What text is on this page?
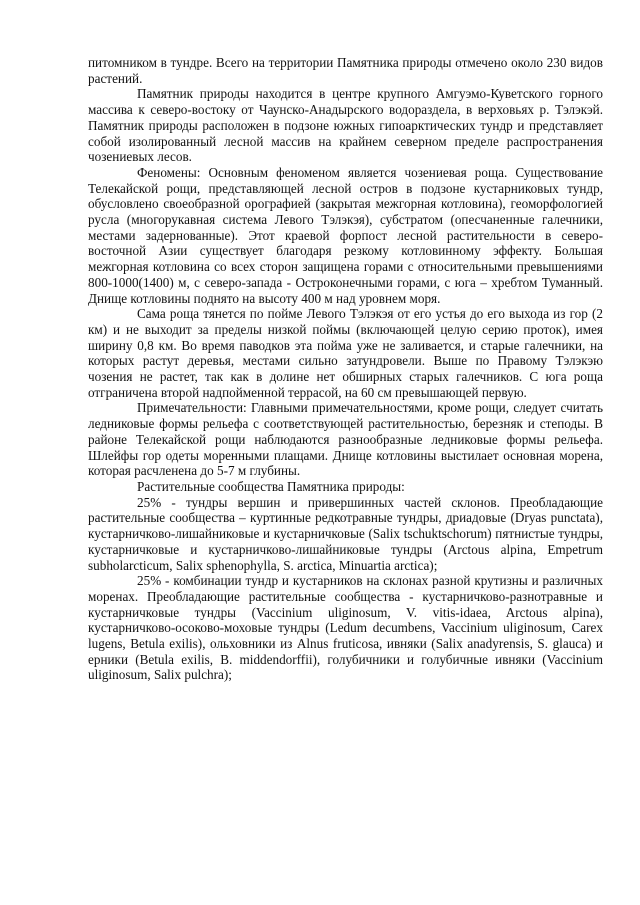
питомником в тундре. Всего на территории Памятника природы отмечено около 230 видов растений.

Памятник природы находится в центре крупного Амгуэмо-Куветского горного массива к северо-востоку от Чаунско-Анадырского водораздела, в верховьях р. Тэлэкэй. Памятник природы расположен в подзоне южных гипоарктических тундр и представляет собой изолированный лесной массив на крайнем северном пределе распространения чозениевых лесов.

Феномены: Основным феноменом является чозениевая роща. Существование Телекайской рощи, представляющей лесной остров в подзоне кустарниковых тундр, обусловлено своеобразной орографией (закрытая межгорная котловина), геоморфологией русла (многорукавная система Левого Тэлэкэя), субстратом (опесчаненные галечники, местами задернованные). Этот краевой форпост лесной растительности в северо-восточной Азии существует благодаря резкому котловинному эффекту. Большая межгорная котловина со всех сторон защищена горами с относительными превышениями 800-1000(1400) м, с северо-запада - Остроконечными горами, с юга – хребтом Туманный. Днище котловины поднято на высоту 400 м над уровнем моря.

Сама роща тянется по пойме Левого Тэлэкэя от его устья до его выхода из гор (2 км) и не выходит за пределы низкой поймы (включающей целую серию проток), имея ширину 0,8 км. Во время паводков эта пойма уже не заливается, и старые галечники, на которых растут деревья, местами сильно затундровели. Выше по Правому Тэлэкэю чозения не растет, так как в долине нет обширных старых галечников. С юга роща отграничена второй надпойменной террасой, на 60 см превышающей первую.

Примечательности: Главными примечательностями, кроме рощи, следует считать ледниковые формы рельефа с соответствующей растительностью, березняк и степоды. В районе Телекайской рощи наблюдаются разнообразные ледниковые формы рельефа. Шлейфы гор одеты моренными плащами. Днище котловины выстилает основная морена, которая расчленена до 5-7 м глубины.

Растительные сообщества Памятника природы:

25% - тундры вершин и привершинных частей склонов. Преобладающие растительные сообщества – куртинные редкотравные тундры, дриадовые (Dryas punctata), кустарничково-лишайниковые и кустарничковые (Salix tschuktschorum) пятнистые тундры, кустарничковые и кустарничково-лишайниковые тундры (Arctous alpina, Empetrum subholarcticum, Salix sphenophylla, S. arctica, Minuartia arctica);

25% - комбинации тундр и кустарников на склонах разной крутизны и различных моренах. Преобладающие растительные сообщества - кустарничково-разнотравные и кустарничковые тундры (Vaccinium uliginosum, V. vitis-idaea, Arctous alpina), кустарничково-осоково-моховые тундры (Ledum decumbens, Vaccinium uliginosum, Carex lugens, Betula exilis), ольховники из Alnus fruticosa, ивняки (Salix anadyrensis, S. glauca) и ерники (Betula exilis, B. middendorffii), голубичники и голубичные ивняки (Vaccinium uliginosum, Salix pulchra);
